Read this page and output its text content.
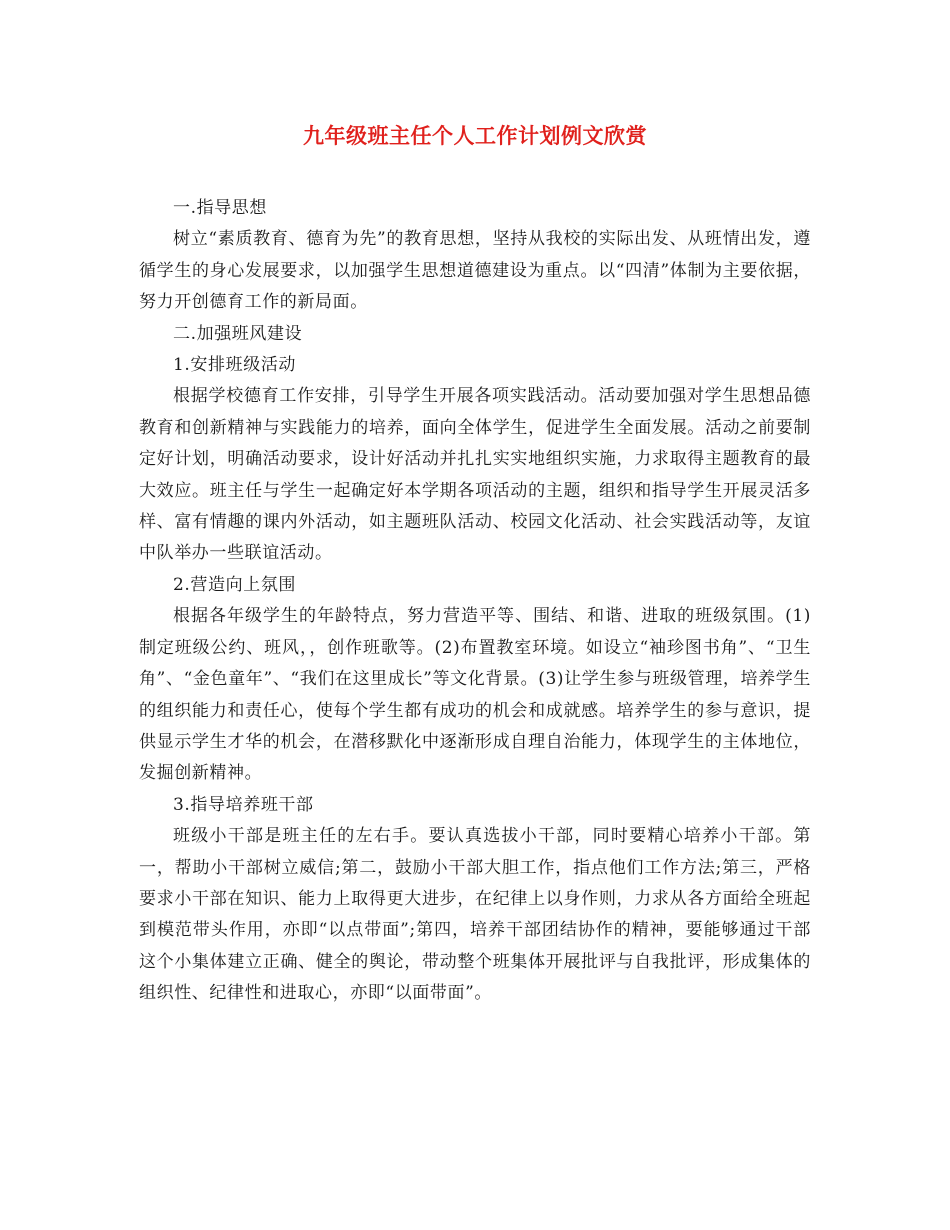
九年级班主任个人工作计划例文欣赏

一.指导思想

树立“素质教育、德育为先”的教育思想，坚持从我校的实际出发、从班情出发，遵循学生的身心发展要求，以加强学生思想道德建设为重点。以“四清”体制为主要依据，努力开创德育工作的新局面。

二.加强班风建设

1.安排班级活动

根据学校德育工作安排，引导学生开展各项实践活动。活动要加强对学生思想品德教育和创新精神与实践能力的培养，面向全体学生，促进学生全面发展。活动之前要制定好计划，明确活动要求，设计好活动并扎扎实实地组织实施，力求取得主题教育的最大效应。班主任与学生一起确定好本学期各项活动的主题，组织和指导学生开展灵活多样、富有情趣的课内外活动，如主题班队活动、校园文化活动、社会实践活动等，友谊中队举办一些联谊活动。

2.营造向上氛围

根据各年级学生的年龄特点，努力营造平等、围结、和谐、进取的班级氛围。(1)制定班级公约、班风，，创作班歌等。(2)布置教室环境。如设立“袖珍图书角”、“卫生角”、“金色童年”、“我们在这里成长”等文化背景。(3)让学生参与班级管理，培养学生的组织能力和责任心，使每个学生都有成功的机会和成就感。培养学生的参与意识，提供显示学生才华的机会，在潜移默化中逐渐形成自理自治能力，体现学生的主体地位，发掘创新精神。

3.指导培养班干部

班级小干部是班主任的左右手。要认真选拔小干部，同时要精心培养小干部。第一，帮助小干部树立威信;第二，鼓励小干部大胆工作，指点他们工作方法;第三，严格要求小干部在知识、能力上取得更大进步，在纪律上以身作则，力求从各方面给全班起到模范带头作用，亦即“以点带面”;第四，培养干部团结协作的精神，要能够通过干部这个小集体建立正确、健全的舆论，带动整个班集体开展批评与自我批评，形成集体的组织性、纪律性和进取心，亦即“以面带面”。
